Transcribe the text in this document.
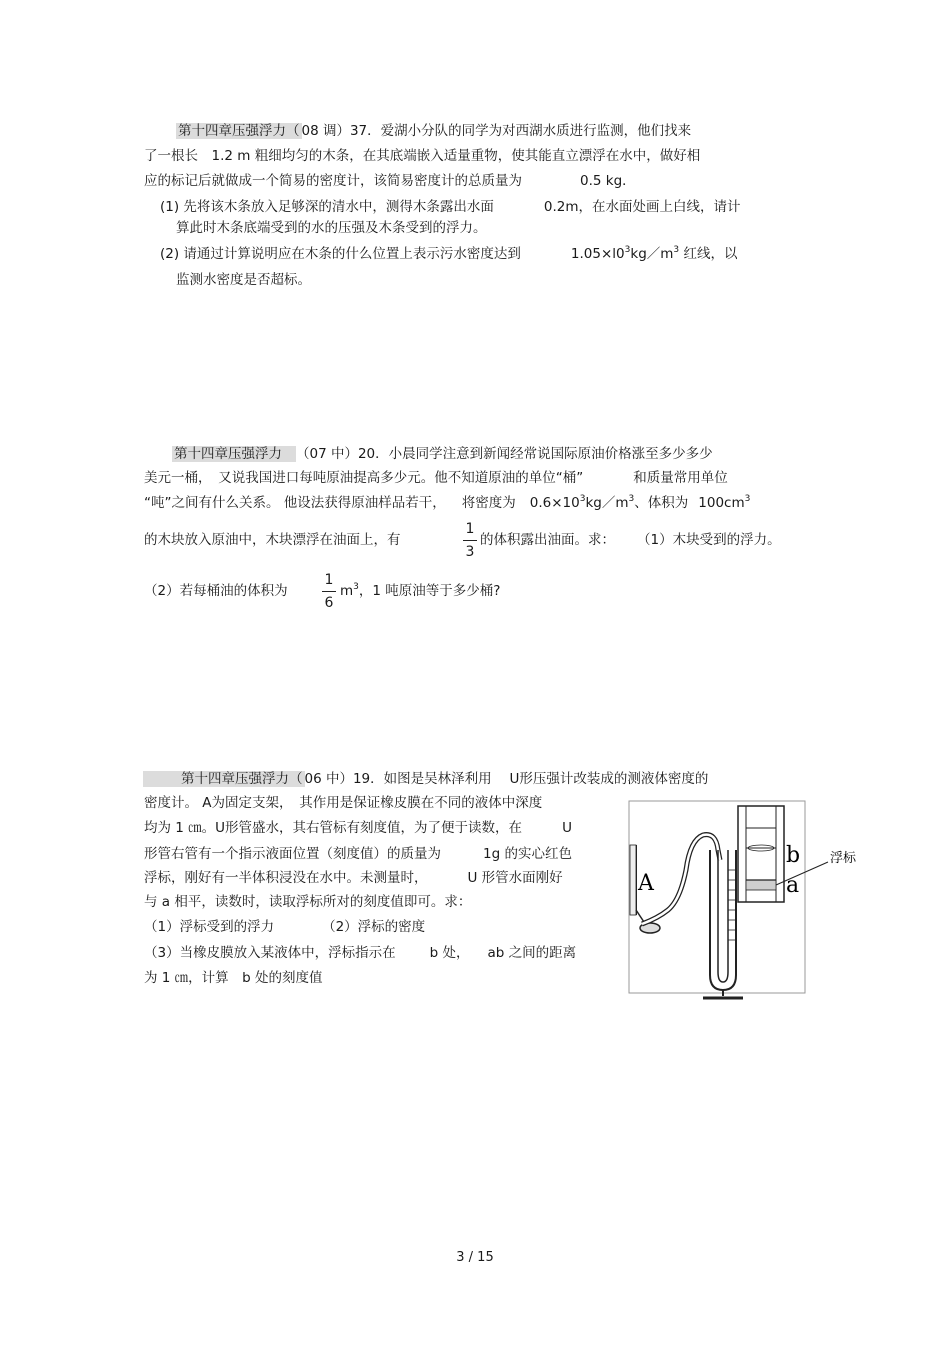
第十四章压强浮力（ 08 调）37．爱湖小分队的同学为对西湖水质进行监测，他们找来
了一根长　1.2 m 粗细均匀的木条，在其底端嵌入适量重物，使其能直立漂浮在水中，做好相
应的标记后就做成一个简易的密度计，该简易密度计的总质量为	0.5 kg．
(1) 先将该木条放入足够深的清水中，测得木条露出水面	0.2m，在水面处画上白线，请计
算此时木条底端受到的水的压强及木条受到的浮力。
(2) 请通过计算说明应在木条的什么位置上表示污水密度达到	$1.05\times l0^3kg/m^3$ 红线，以
监测水密度是否超标。
第十四章压强浮力 （07 中）20．小晨同学注意到新闻经常说国际原油价格涨至多少多少
美元一桶，　又说我国进口每吨原油提高多少元。他不知道原油的单位“桶”	和质量常用单位
“吨”之间有什么关系。 他设法获得原油样品若干， 将密度为 $0.6\times 10^3kg/m^3$、体积为 $100cm^3$
的木块放入原油中，木块漂浮在油面上，有
1
3
的体积露出油面。求： （1）木块受到的浮力。
（2）若每桶油的体积为
1
6
$m^3$，1 吨原油等于多少桶?
第十四章压强浮力（ 06 中）19．如图是吴林泽利用　 U形压强计改装成的测液体密度的
密度计。 A为固定支架，　其作用是保证橡皮膜在不同的液体中深度
均为 1 ㎝。U形管盛水，其右管标有刻度值，为了便于读数，在	U
形管右管有一个指示液面位置（刻度值）的质量为	1g 的实心红色
浮标，刚好有一半体积浸没在水中。未测量时，	U 形管水面刚好
与 a 相平，读数时，读取浮标所对的刻度值即可。求：
（1）浮标受到的浮力	（2）浮标的密度
（3）当橡皮膜放入某液体中，浮标指示在	b 处， ab 之间的距离
为 1 ㎝，计算　b 处的刻度值
A
b
a
浮标
3 / 15
